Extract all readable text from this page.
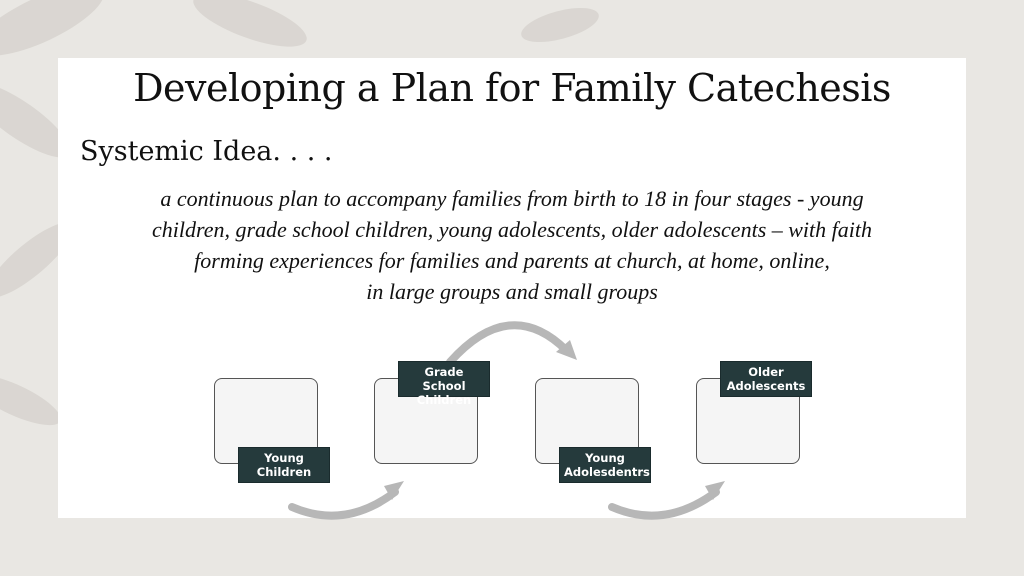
Developing a Plan for Family Catechesis
Systemic Idea. . . .
a continuous plan to accompany families from birth to 18 in four stages - young
children, grade school children, young adolescents, older adolescents – with faith
forming experiences for families and parents at church, at home, online,
in large groups and small groups
Young
Children
Grade School
Children
Young
Adolesdentrs
Older
Adolescents
